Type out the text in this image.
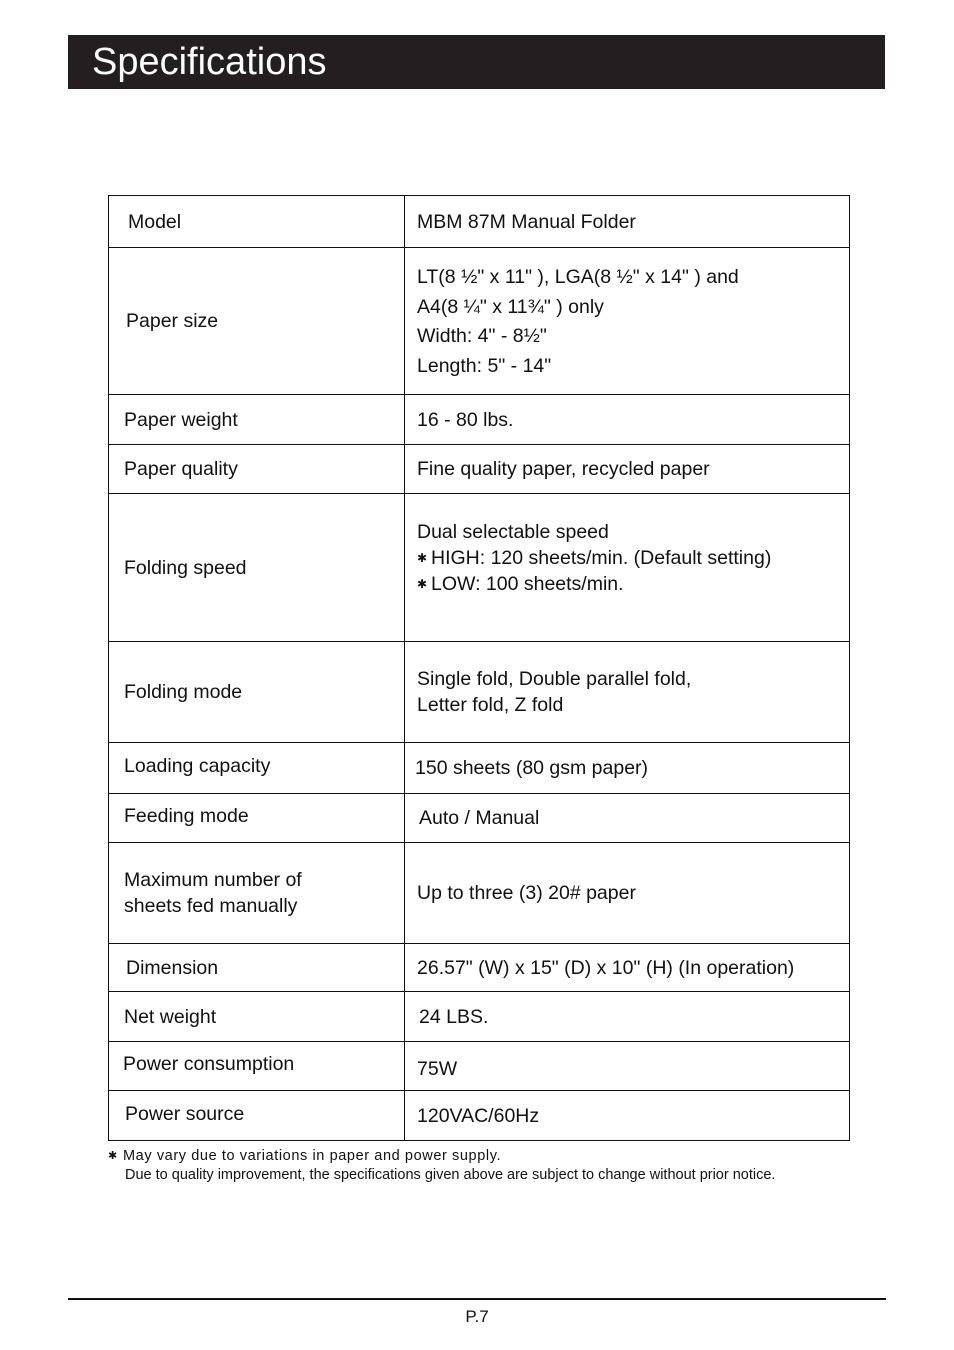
Specifications
Model	MBM 87M Manual Folder

Paper size	LT(8 ½" x 11" ), LGA(8 ½" x 14" ) and
A4(8 ¼" x 11¾" ) only
Width: 4" - 8½"
Length: 5" - 14"

Paper weight	16 - 80 lbs.

Paper quality	Fine quality paper, recycled paper

Folding speed	Dual selectable speed
✱ HIGH: 120 sheets/min. (Default setting)
✱ LOW: 100 sheets/min.

Folding mode	Single fold, Double parallel fold,
Letter fold, Z fold

Loading capacity	150 sheets (80 gsm paper)

Feeding mode	Auto / Manual

Maximum number of
sheets fed manually	Up to three (3) 20# paper

Dimension	26.57" (W) x 15" (D) x 10" (H) (In operation)

Net weight	24 LBS.

Power consumption	75W

Power source	120VAC/60Hz
✱ May vary due to variations in paper and power supply.
Due to quality improvement, the specifications given above are subject to change without prior notice.
P.7
